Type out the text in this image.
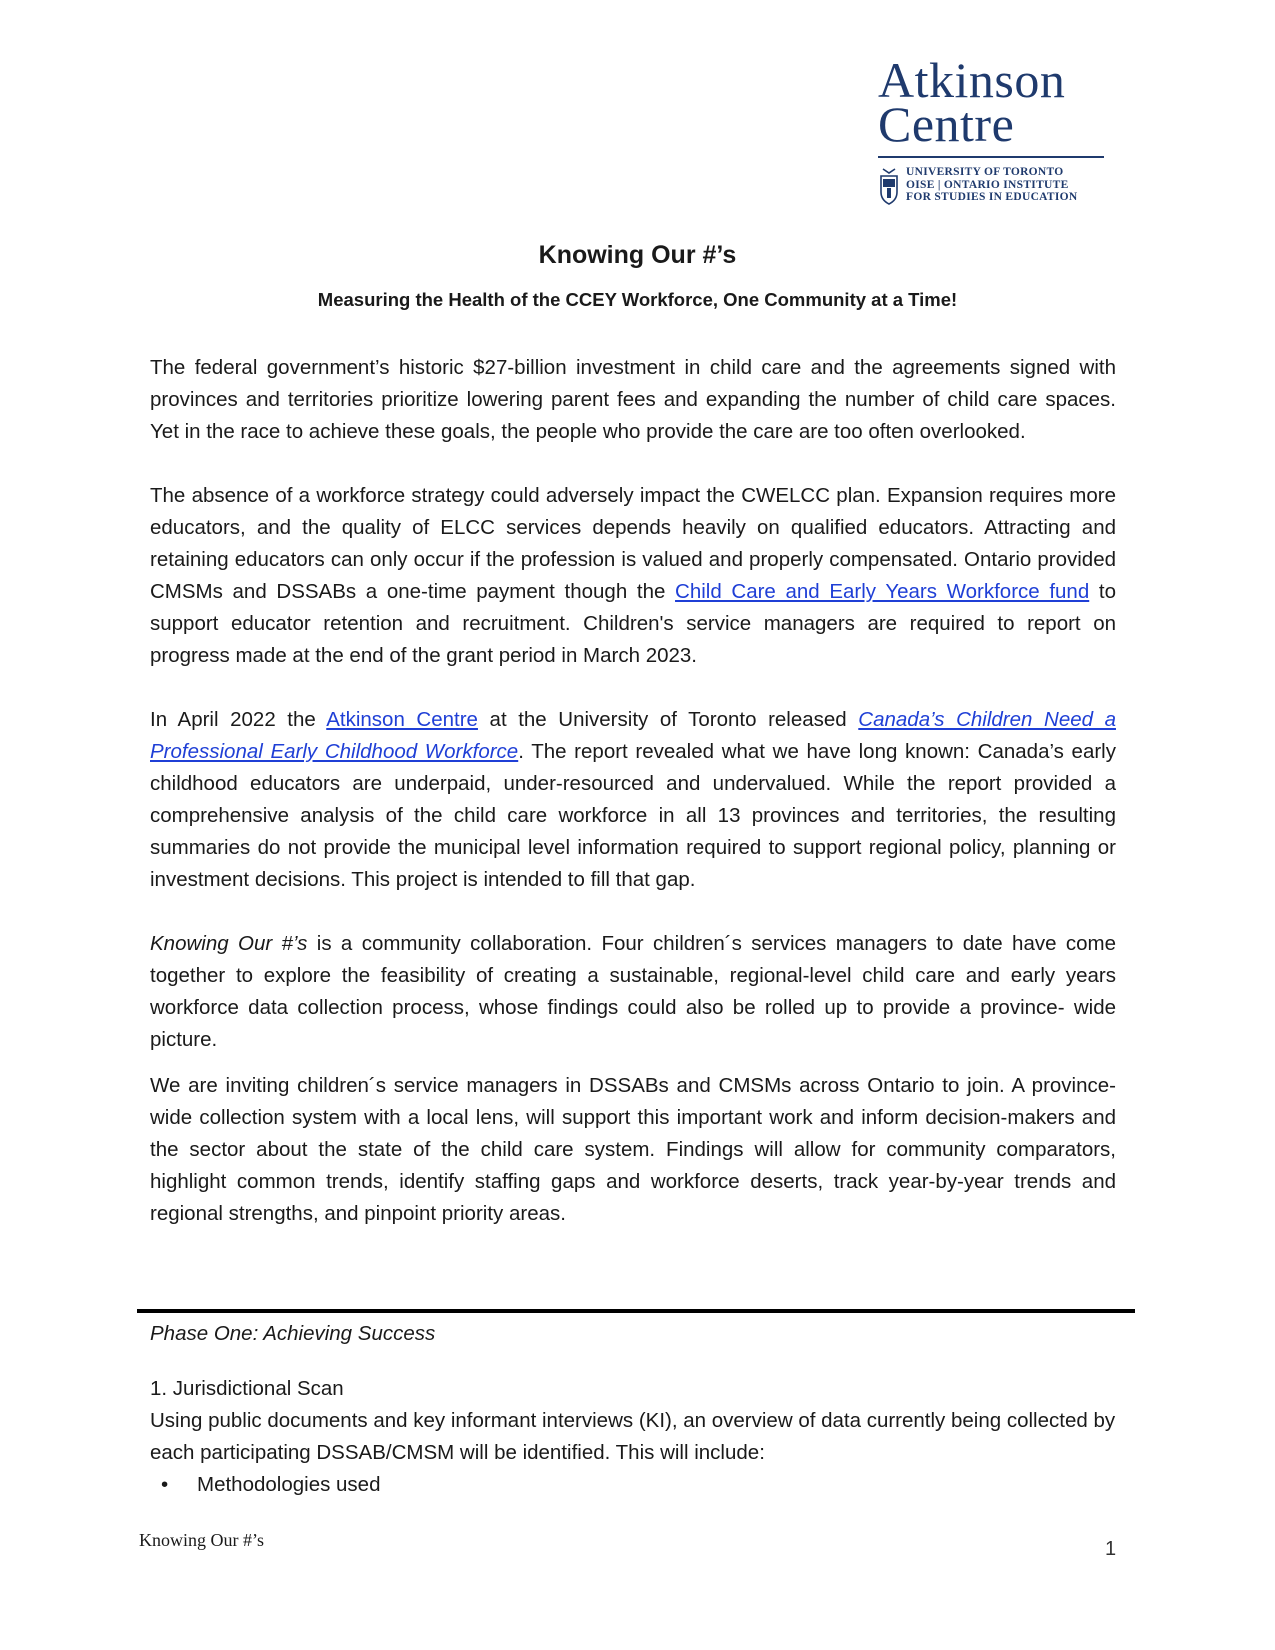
Atkinson
Centre
UNIVERSITY OF TORONTO
OISE | ONTARIO INSTITUTE
FOR STUDIES IN EDUCATION
Knowing Our #’s
Measuring the Health of the CCEY Workforce, One Community at a Time!

The federal government’s historic $27-billion investment in child care and the agreements signed with provinces and territories prioritize lowering parent fees and expanding the number of child care spaces. Yet in the race to achieve these goals, the people who provide the care are too often overlooked.

The absence of a workforce strategy could adversely impact the CWELCC plan. Expansion requires more educators, and the quality of ELCC services depends heavily on qualified educators. Attracting and retaining educators can only occur if the profession is valued and properly compensated. Ontario provided CMSMs and DSSABs a one-time payment though the Child Care and Early Years Workforce fund to support educator retention and recruitment. Children's service managers are required to report on progress made at the end of the grant period in March 2023.

In April 2022 the Atkinson Centre at the University of Toronto released Canada’s Children Need a Professional Early Childhood Workforce. The report revealed what we have long known: Canada’s early childhood educators are underpaid, under-resourced and undervalued. While the report provided a comprehensive analysis of the child care workforce in all 13 provinces and territories, the resulting summaries do not provide the municipal level information required to support regional policy, planning or investment decisions. This project is intended to fill that gap.

Knowing Our #’s is a community collaboration. Four children´s services managers to date have come together to explore the feasibility of creating a sustainable, regional-level child care and early years workforce data collection process, whose findings could also be rolled up to provide a province- wide picture.

We are inviting children´s service managers in DSSABs and CMSMs across Ontario to join. A province-wide collection system with a local lens, will support this important work and inform decision-makers and the sector about the state of the child care system. Findings will allow for community comparators, highlight common trends, identify staffing gaps and workforce deserts, track year-by-year trends and regional strengths, and pinpoint priority areas.

Phase One: Achieving Success

1. Jurisdictional Scan

Using public documents and key informant interviews (KI), an overview of data currently being collected by each participating DSSAB/CMSM will be identified. This will include:

• Methodologies used
Knowing Our #’s	1
